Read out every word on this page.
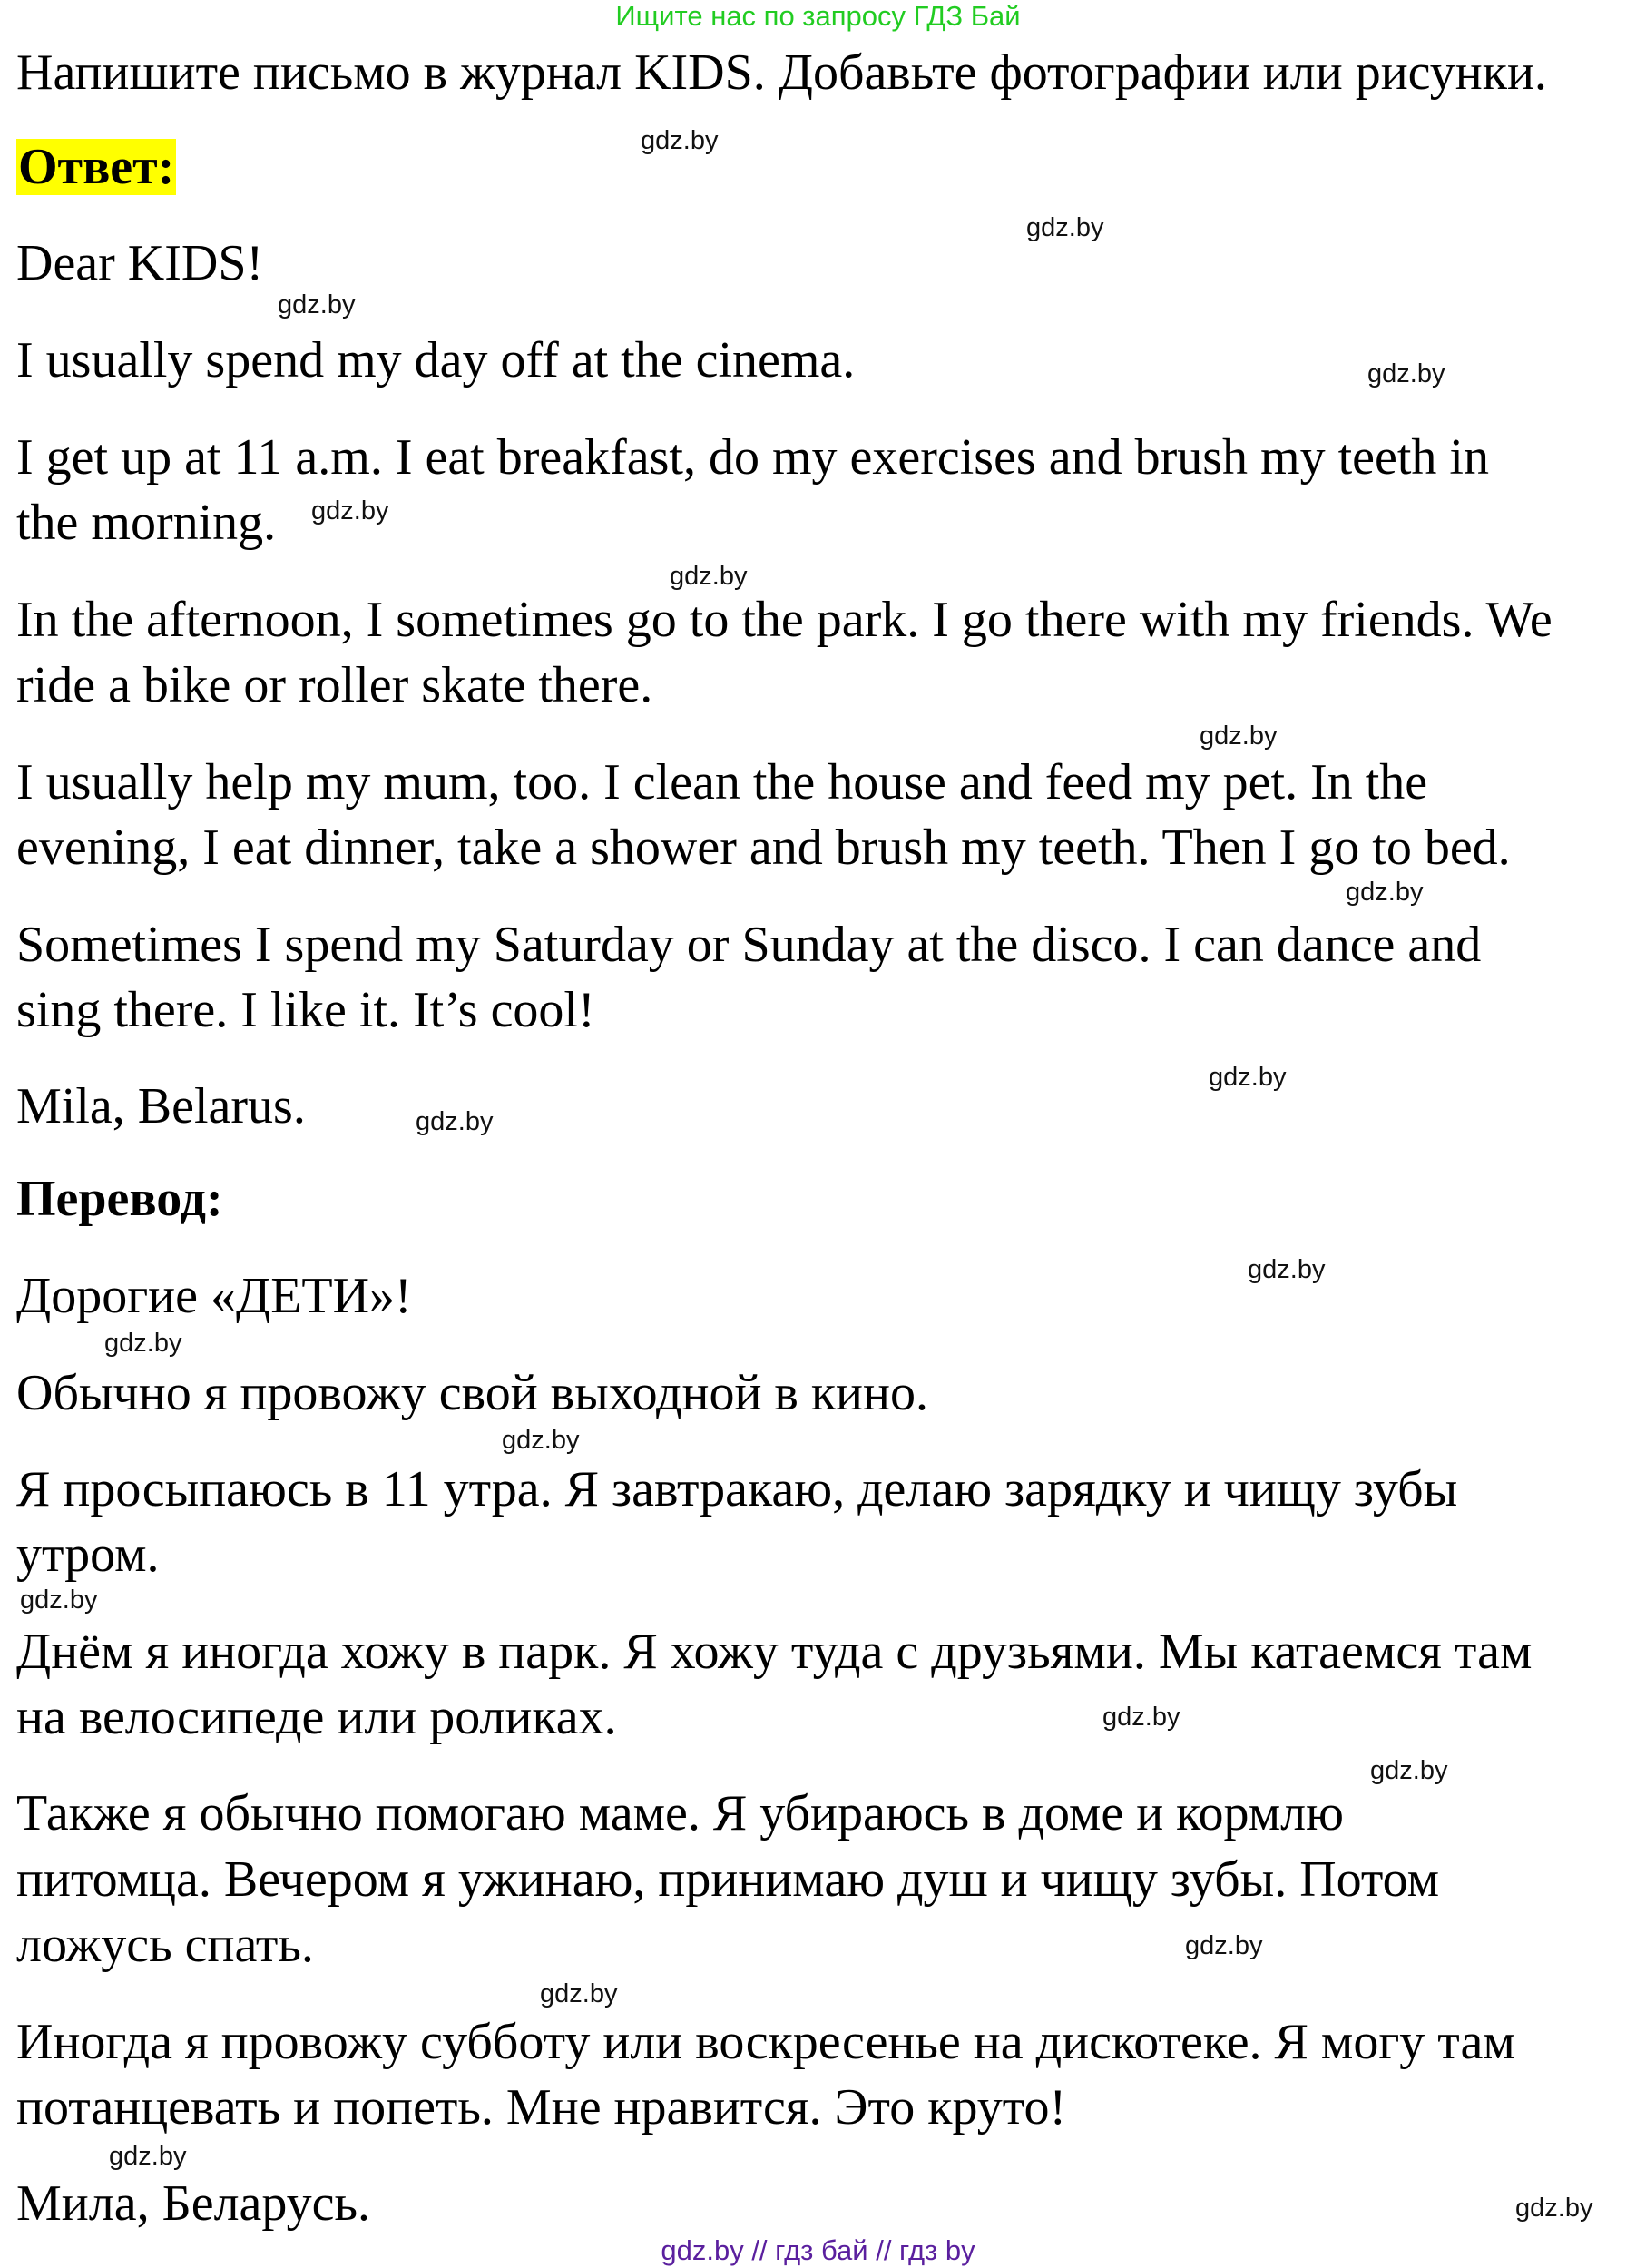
Ищите нас по запросу ГДЗ Бай
Напишите письмо в журнал KIDS. Добавьте фотографии или рисунки.
Ответ:
Dear KIDS!
I usually spend my day off at the cinema.
I get up at 11 a.m. I eat breakfast, do my exercises and brush my teeth in
the morning.
In the afternoon, I sometimes go to the park. I go there with my friends. We
ride a bike or roller skate there.
I usually help my mum, too. I clean the house and feed my pet. In the
evening, I eat dinner, take a shower and brush my teeth. Then I go to bed.
Sometimes I spend my Saturday or Sunday at the disco. I can dance and
sing there. I like it. It’s cool!
Mila, Belarus.
Перевод:
Дорогие «ДЕТИ»!
Обычно я провожу свой выходной в кино.
Я просыпаюсь в 11 утра. Я завтракаю, делаю зарядку и чищу зубы
утром.
Днём я иногда хожу в парк. Я хожу туда с друзьями. Мы катаемся там
на велосипеде или роликах.
Также я обычно помогаю маме. Я убираюсь в доме и кормлю
питомца. Вечером я ужинаю, принимаю душ и чищу зубы. Потом
ложусь спать.
Иногда я провожу субботу или воскресенье на дискотеке. Я могу там
потанцевать и попеть. Мне нравится. Это круто!
Мила, Беларусь.
gdz.by
gdz.by
gdz.by
gdz.by
gdz.by
gdz.by
gdz.by
gdz.by
gdz.by
gdz.by
gdz.by
gdz.by
gdz.by
gdz.by
gdz.by
gdz.by
gdz.by
gdz.by
gdz.by
gdz.by
gdz.by // гдз бай // гдз by
